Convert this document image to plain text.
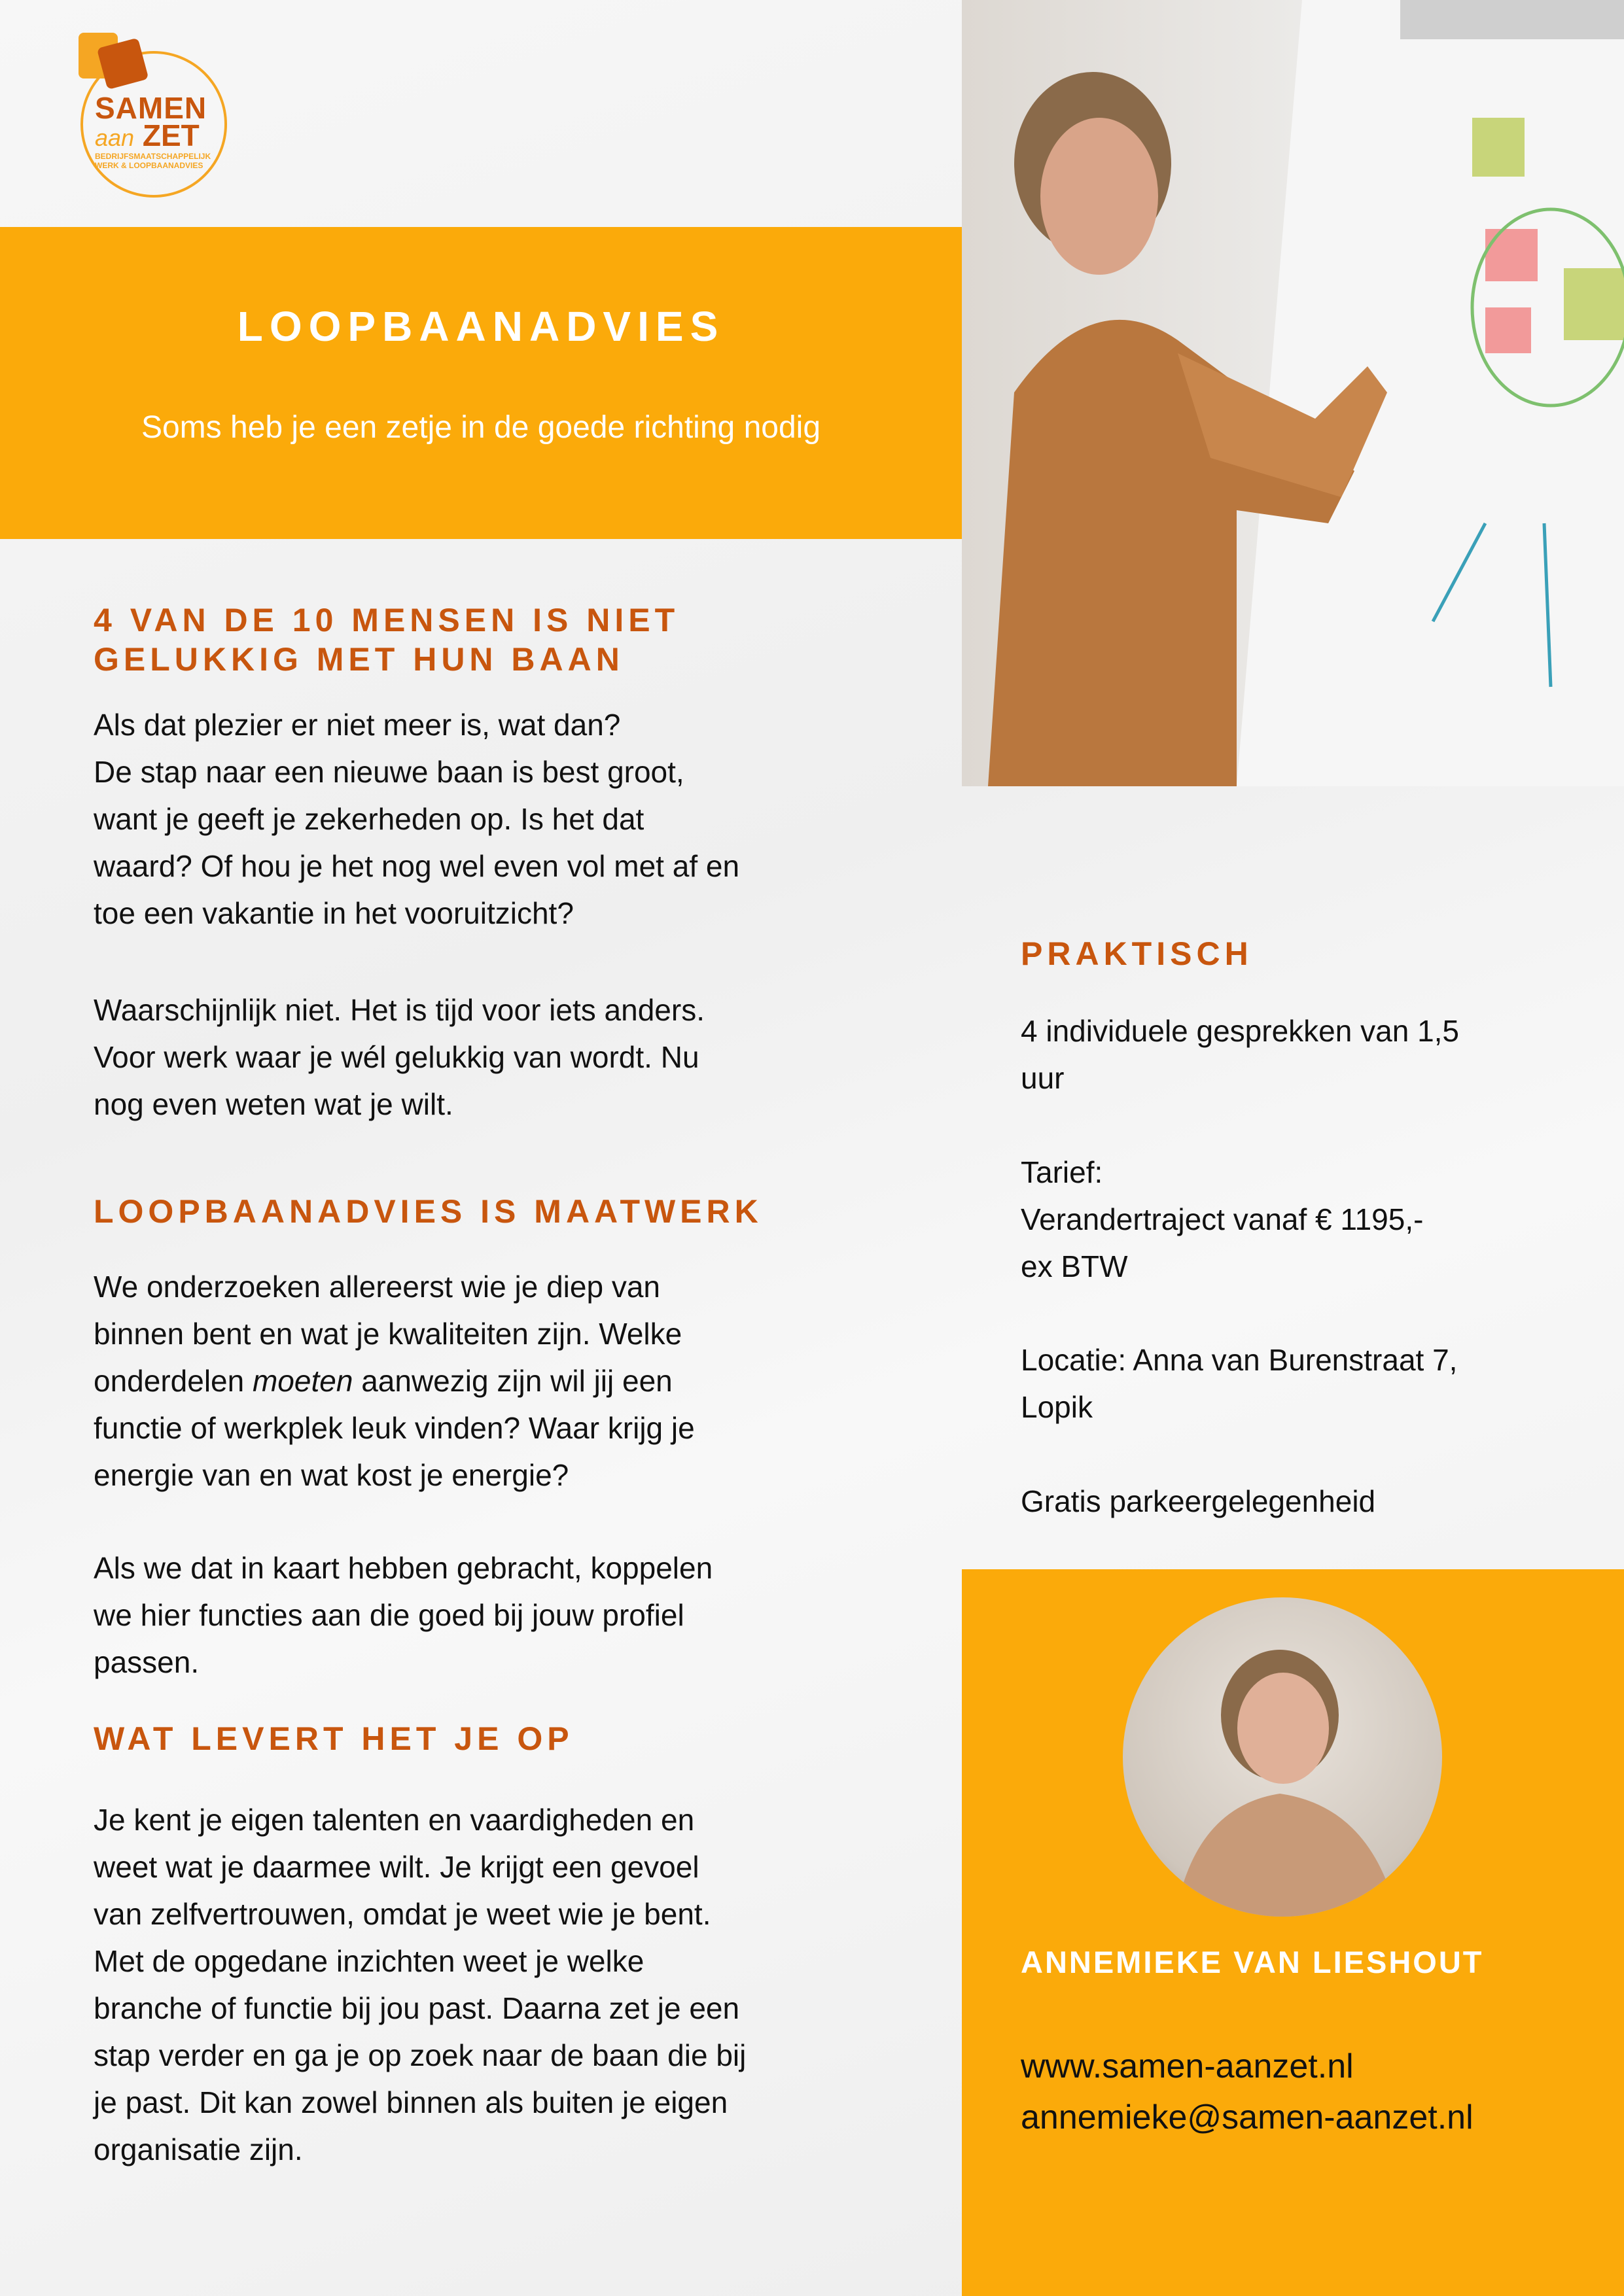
SAMEN
aan ZET
BEDRIJFSMAATSCHAPPELIJK
WERK & LOOPBAANADVIES
LOOPBAANADVIES
Soms heb je een zetje in de goede richting nodig
4 VAN DE 10 MENSEN IS NIET
GELUKKIG MET HUN BAAN
Als dat plezier er niet meer is, wat dan?
De stap naar een nieuwe baan is best groot,
want je geeft je zekerheden op. Is het dat
waard? Of hou je het nog wel even vol met af en
toe een vakantie in het vooruitzicht?
Waarschijnlijk niet. Het is tijd voor iets anders.
Voor werk waar je wél gelukkig van wordt. Nu
nog even weten wat je wilt.
LOOPBAANADVIES IS MAATWERK
We onderzoeken allereerst wie je diep van
binnen bent en wat je kwaliteiten zijn. Welke
onderdelen moeten aanwezig zijn wil jij een
functie of werkplek leuk vinden? Waar krijg je
energie van en wat kost je energie?
Als we dat in kaart hebben gebracht, koppelen
we hier functies aan die goed bij jouw profiel
passen.
WAT LEVERT HET JE OP
Je kent je eigen talenten en vaardigheden en
weet wat je daarmee wilt. Je krijgt een gevoel
van zelfvertrouwen, omdat je weet wie je bent.
Met de opgedane inzichten weet je welke
branche of functie bij jou past. Daarna zet je een
stap verder en ga je op zoek naar de baan die bij
je past. Dit kan zowel binnen als buiten je eigen
organisatie zijn.
PRAKTISCH
4 individuele gesprekken van 1,5
uur
Tarief:
Verandertraject vanaf € 1195,-
ex BTW
Locatie: Anna van Burenstraat 7,
Lopik
Gratis parkeergelegenheid
ANNEMIEKE VAN LIESHOUT
www.samen-aanzet.nl
annemieke@samen-aanzet.nl
